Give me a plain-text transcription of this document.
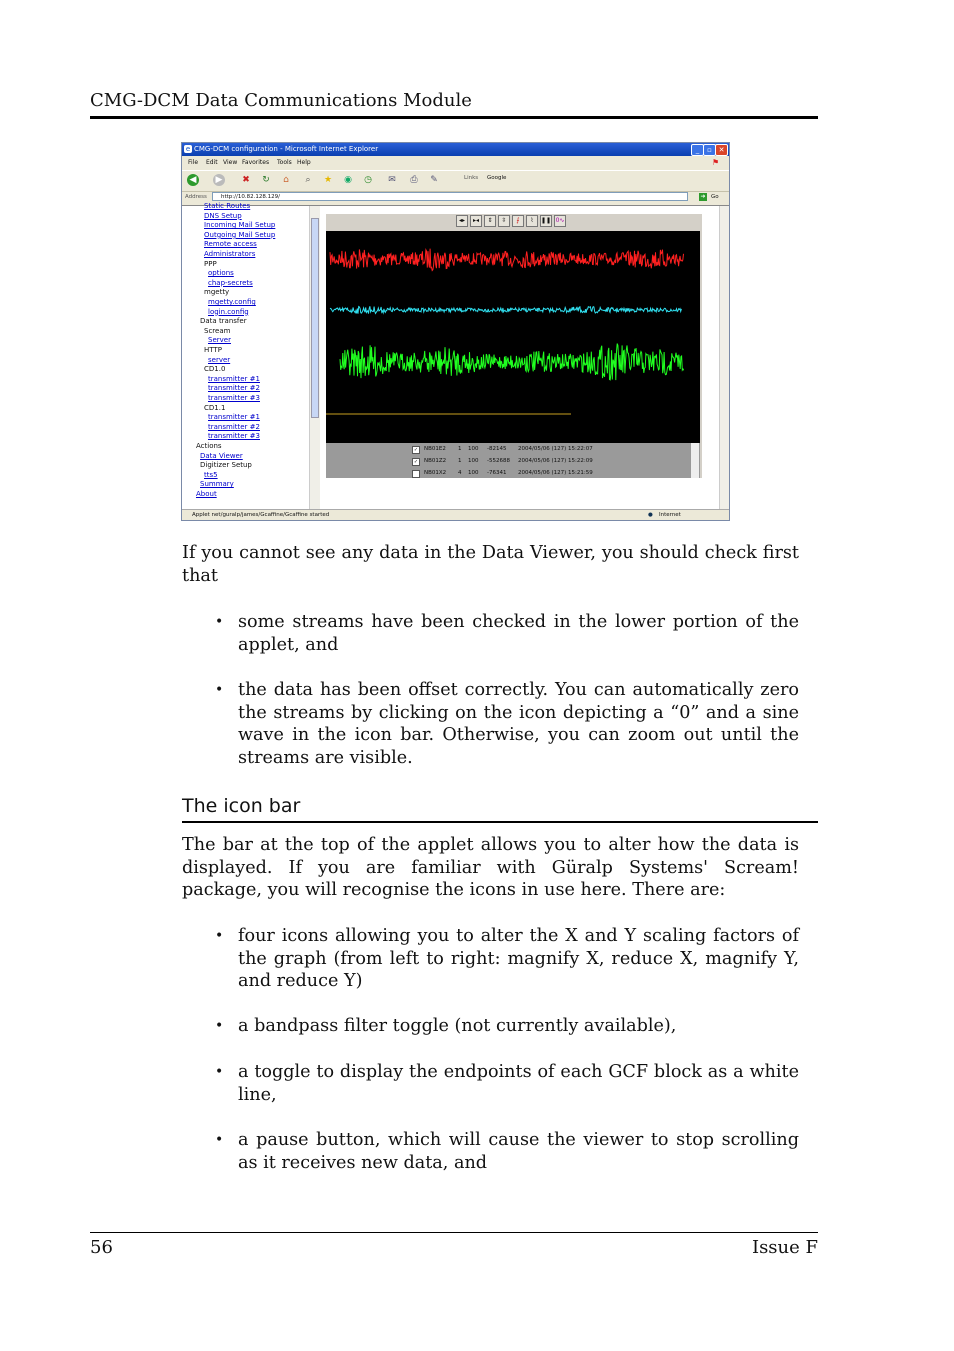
CMG-DCM Data Communications Module
e CMG-DCM configuration - Microsoft Internet Explorer	_	▫ ✕
File Edit View Favorites Tools Help	⚑
◀ ▶ ✖ ↻	⌂	⌕	★ ◉ ◷ ✉ ⎙ ✎	Links Google
Address	http://10.82.128.129/	➜ Go
Static Routes
DNS Setup
Incoming Mail Setup
Outgoing Mail Setup
Remote access
Administrators
PPP
options
chap-secrets
mgetty
mgetty.config
login.config
Data transfer
Scream
Server
HTTP
server
CD1.0
transmitter #1
transmitter #2
transmitter #3
CD1.1
transmitter #1
transmitter #2
transmitter #3
Actions
Data Viewer
Digitizer Setup
tts5
Summary
About
◂▸	▸◂	⇕	⇳	⨍	⌇	❚❚ 0∿
✓	NB01E2 1 100 -82145 2004/05/06 (127) 15:22:07
✓	NB01Z2 1 100 -552688 2004/05/06 (127) 15:22:09
NB01X2 4 100 -76341 2004/05/06 (127) 15:21:59
Applet net/guralp/james/Gcaffine/Gcaffine started	● Internet
If you cannot see any data in the Data Viewer, you should check first that
• some streams have been checked in the lower portion of the applet, and
• the data has been offset correctly. You can automatically zero the streams by clicking on the icon depicting a “0” and a sine wave in the icon bar. Otherwise, you can zoom out until the streams are visible.
The icon bar
The bar at the top of the applet allows you to alter how the data is displayed. If you are familiar with Güralp Systems' Scream! package, you will recognise the icons in use here. There are:
• four icons allowing you to alter the X and Y scaling factors of the graph (from left to right: magnify X, reduce X, magnify Y, and reduce Y)
• a bandpass filter toggle (not currently available),
• a toggle to display the endpoints of each GCF block as a white line,
• a pause button, which will cause the viewer to stop scrolling as it receives new data, and
56	Issue F
